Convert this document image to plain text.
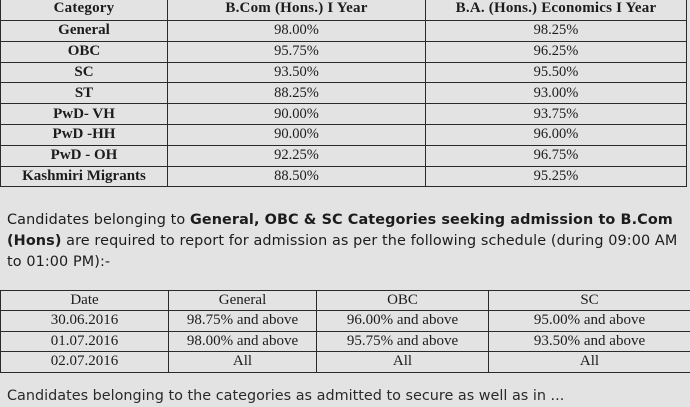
Category	B.Com (Hons.) I Year	B.A. (Hons.) Economics I Year
General	98.00%	98.25%
OBC	95.75%	96.25%
SC	93.50%	95.50%
ST	88.25%	93.00%
PwD- VH	90.00%	93.75%
PwD -HH	90.00%	96.00%
PwD - OH	92.25%	96.75%
Kashmiri Migrants	88.50%	95.25%
Candidates belonging to General, OBC & SC Categories seeking admission to B.Com (Hons) are required to report for admission as per the following schedule (during 09:00 AM to 01:00 PM):-
Date	General	OBC	SC
30.06.2016	98.75% and above	96.00% and above	95.00% and above
01.07.2016	98.00% and above	95.75% and above	93.50% and above
02.07.2016	All	All	All
Candidates belonging to the categories as admitted to secure as well as in ...
